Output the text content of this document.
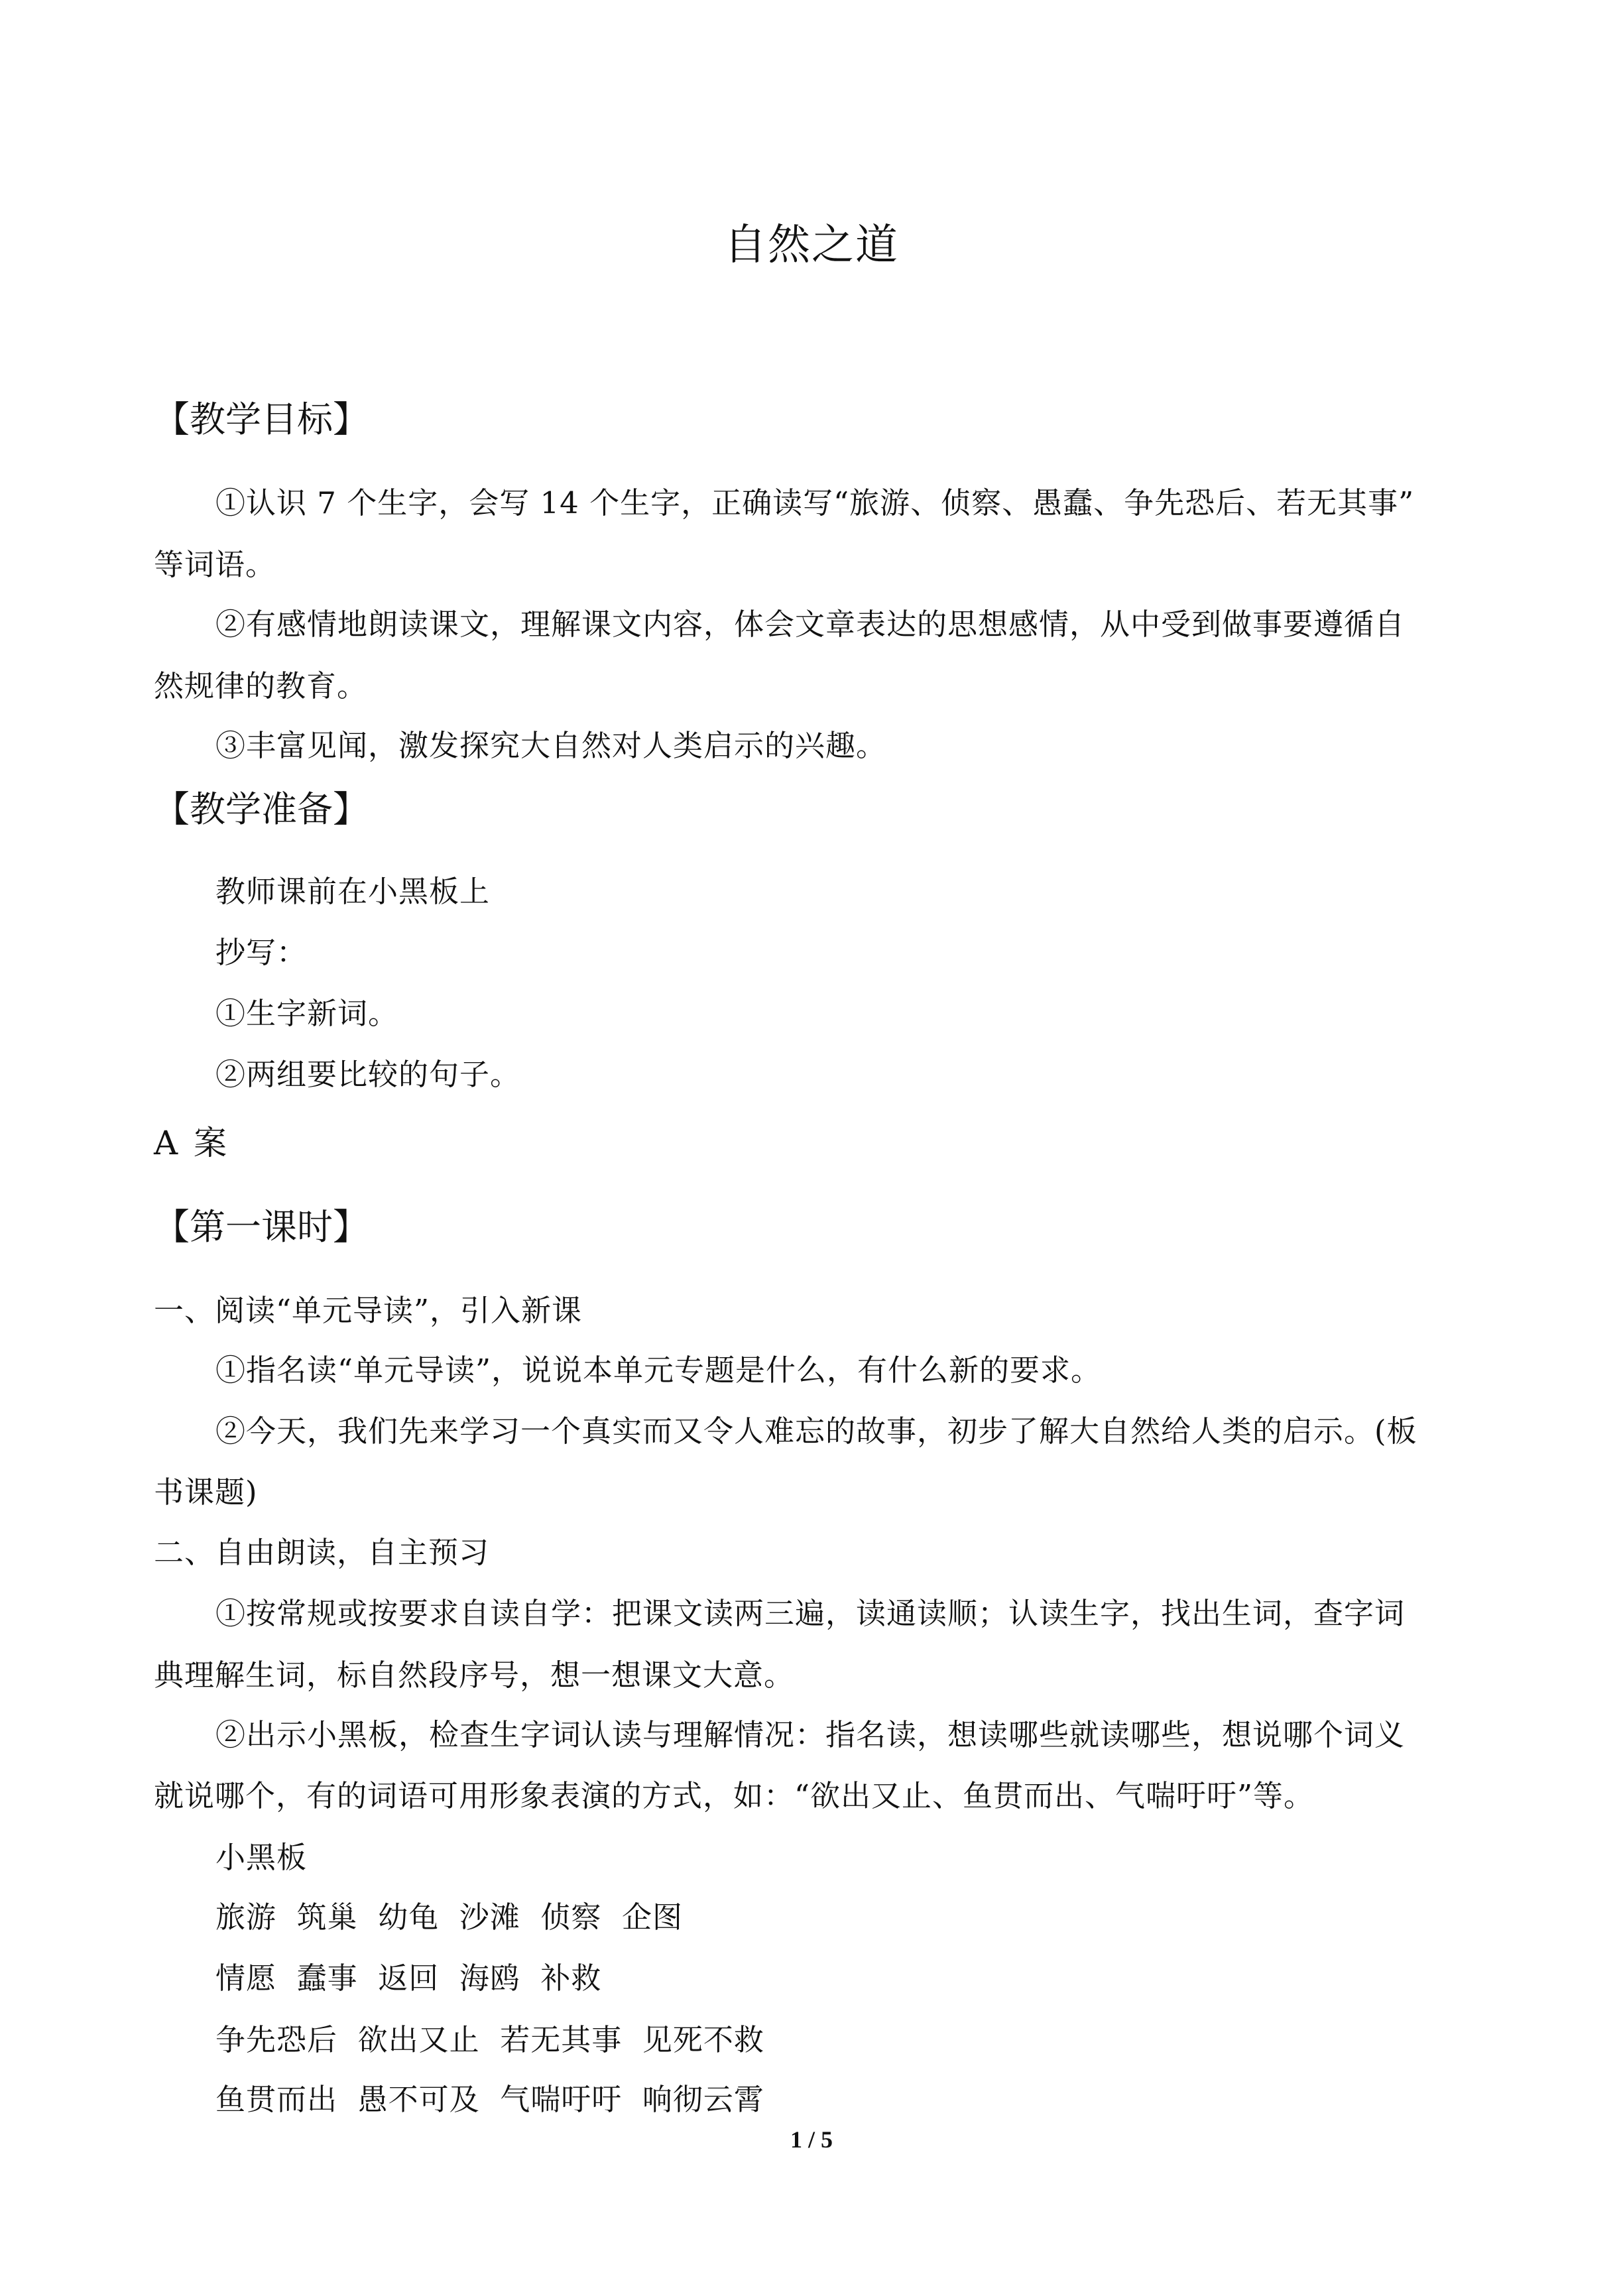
自然之道
【教学目标】
①认识 7 个生字，会写 14 个生字，正确读写“旅游、侦察、愚蠢、争先恐后、若无其事”
等词语。
②有感情地朗读课文，理解课文内容，体会文章表达的思想感情，从中受到做事要遵循自
然规律的教育。
③丰富见闻，激发探究大自然对人类启示的兴趣。
【教学准备】
教师课前在小黑板上
抄写：
①生字新词。
②两组要比较的句子。
A 案
【第一课时】
一、阅读“单元导读”，引入新课
①指名读“单元导读”，说说本单元专题是什么，有什么新的要求。
②今天，我们先来学习一个真实而又令人难忘的故事，初步了解大自然给人类的启示。(板
书课题)
二、自由朗读，自主预习
①按常规或按要求自读自学：把课文读两三遍，读通读顺；认读生字，找出生词，查字词
典理解生词，标自然段序号，想一想课文大意。
②出示小黑板，检查生字词认读与理解情况：指名读，想读哪些就读哪些，想说哪个词义
就说哪个，有的词语可用形象表演的方式，如：“欲出又止、鱼贯而出、气喘吁吁”等。
小黑板
旅游  筑巢  幼龟  沙滩  侦察  企图
情愿  蠢事  返回  海鸥  补救
争先恐后  欲出又止  若无其事  见死不救
鱼贯而出  愚不可及  气喘吁吁  响彻云霄
1 / 5
